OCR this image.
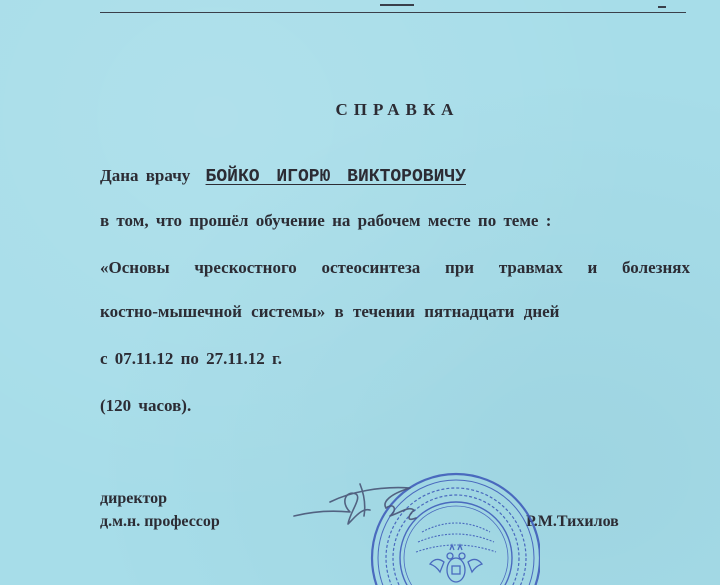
СПРАВКА
Дана врачу БОЙКО ИГОРЮ ВИКТОРОВИЧУ
в том, что прошёл обучение на рабочем месте по теме :
«Основы чрескостного остеосинтеза при травмах и болезнях
костно-мышечной системы» в течении пятнадцати дней
с 07.11.12 по 27.11.12 г.
(120 часов).
директор
д.м.н. профессор	Р.М.Тихилов
